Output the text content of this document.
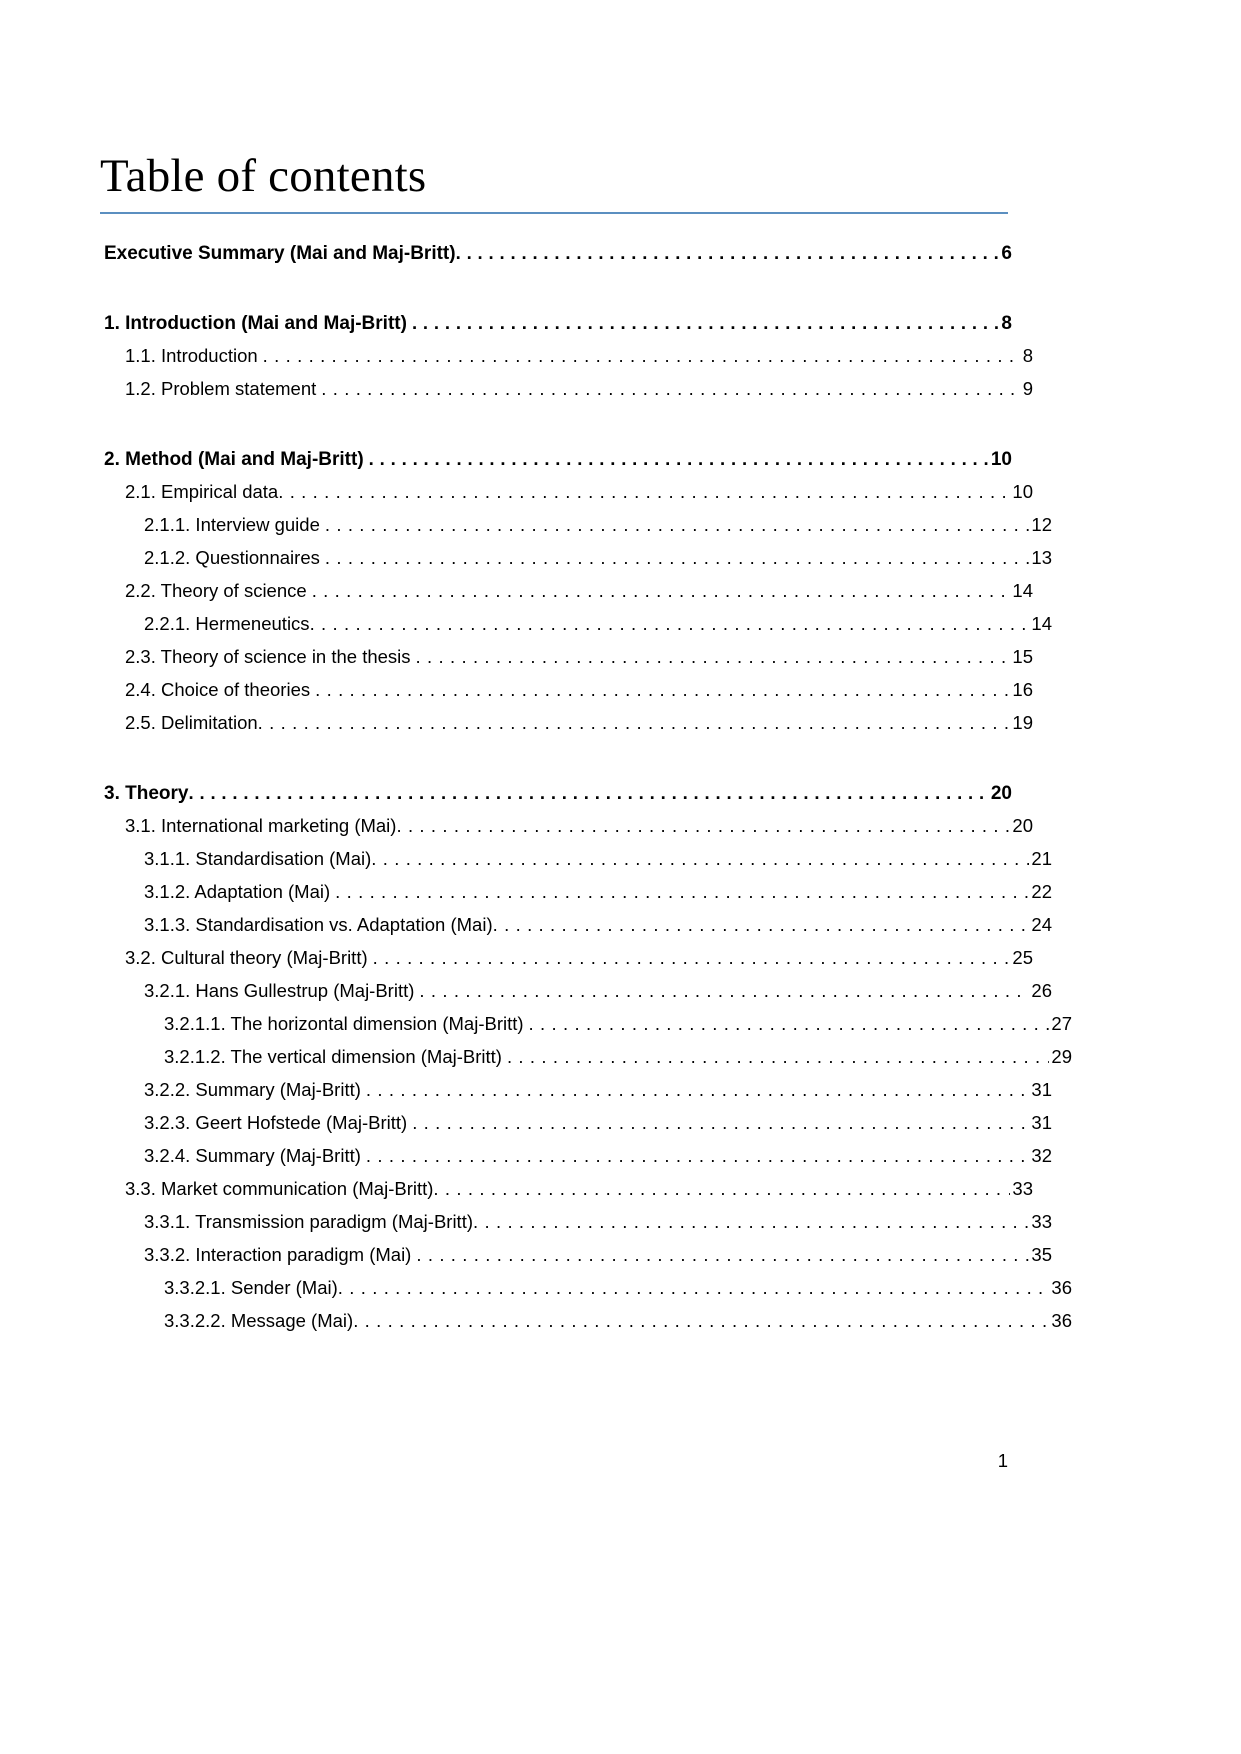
Table of contents
Executive Summary (Mai and Maj-Britt) . . .	6
1. Introduction (Mai and Maj-Britt) . . .	8
1.1. Introduction . . .	8
1.2. Problem statement . . .	9
2. Method (Mai and Maj-Britt) . . .	10
2.1. Empirical data . . .	10
2.1.1. Interview guide . . .	12
2.1.2. Questionnaires . . .	13
2.2. Theory of science . . .	14
2.2.1. Hermeneutics . . .	14
2.3. Theory of science in the thesis . . .	15
2.4. Choice of theories . . .	16
2.5. Delimitation . . .	19
3. Theory . . .	20
3.1. International marketing (Mai) . . .	20
3.1.1. Standardisation (Mai) . . .	21
3.1.2. Adaptation (Mai) . . .	22
3.1.3. Standardisation vs. Adaptation (Mai) . . .	24
3.2. Cultural theory (Maj-Britt) . . .	25
3.2.1. Hans Gullestrup (Maj-Britt) . . .	26
3.2.1.1. The horizontal dimension (Maj-Britt) . . .	27
3.2.1.2. The vertical dimension (Maj-Britt) . . .	29
3.2.2. Summary (Maj-Britt) . . .	31
3.2.3. Geert Hofstede (Maj-Britt) . . .	31
3.2.4. Summary (Maj-Britt) . . .	32
3.3. Market communication (Maj-Britt) . . .	33
3.3.1. Transmission paradigm (Maj-Britt) . . .	33
3.3.2. Interaction paradigm (Mai) . . .	35
3.3.2.1. Sender (Mai) . . .	36
3.3.2.2. Message (Mai) . . .	36
1
